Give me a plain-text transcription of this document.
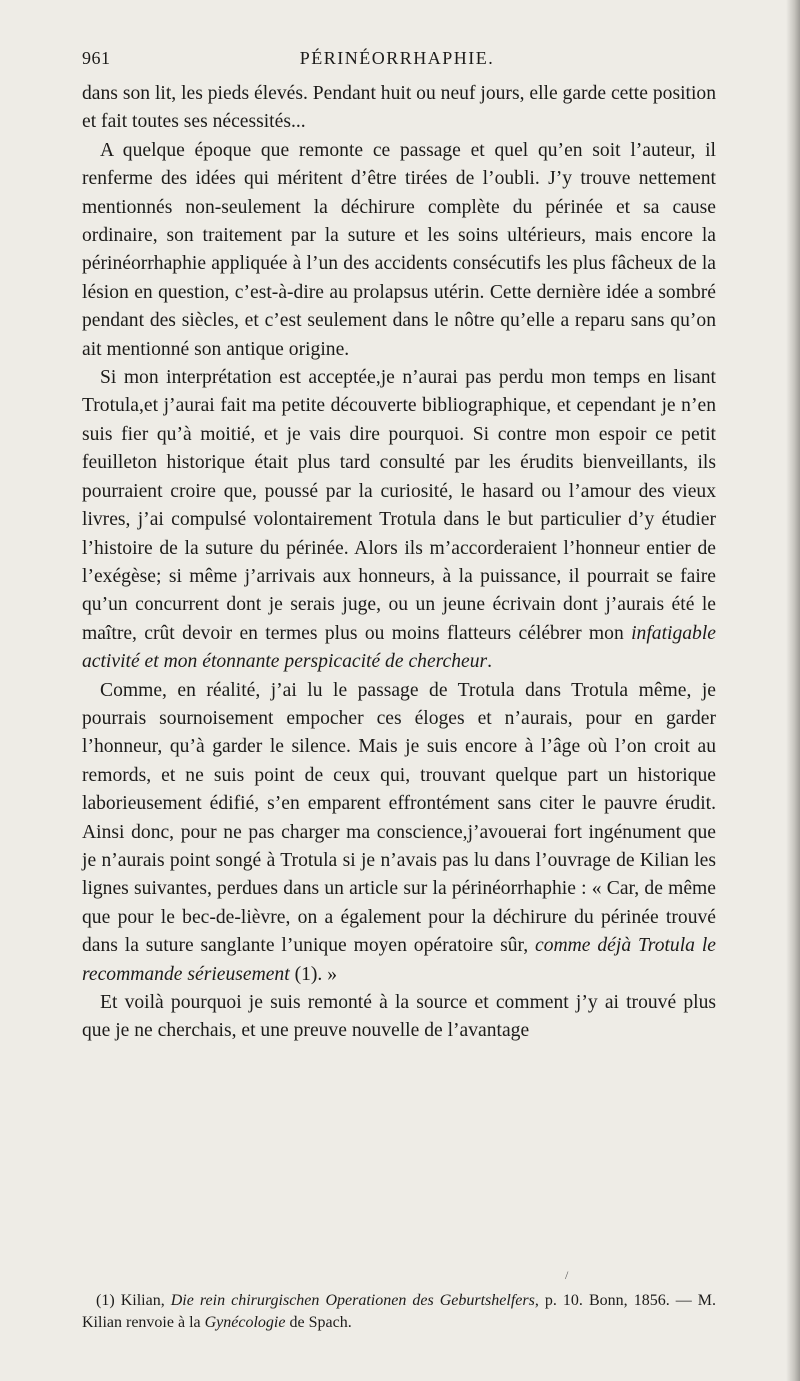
961	PÉRINÉORRHAPHIE.

dans son lit, les pieds élevés. Pendant huit ou neuf jours, elle garde cette position et fait toutes ses nécessités...

A quelque époque que remonte ce passage et quel qu’en soit l’auteur, il renferme des idées qui méritent d’être tirées de l’oubli. J’y trouve nettement mentionnés non-seulement la déchirure complète du périnée et sa cause ordinaire, son traitement par la suture et les soins ultérieurs, mais encore la périnéorrhaphie appliquée à l’un des accidents consécutifs les plus fâcheux de la lésion en question, c’est-à-dire au prolapsus utérin. Cette dernière idée a sombré pendant des siècles, et c’est seulement dans le nôtre qu’elle a reparu sans qu’on ait mentionné son antique origine.

Si mon interprétation est acceptée,je n’aurai pas perdu mon temps en lisant Trotula,et j’aurai fait ma petite découverte bibliographique, et cependant je n’en suis fier qu’à moitié, et je vais dire pourquoi. Si contre mon espoir ce petit feuilleton historique était plus tard consulté par les érudits bienveillants, ils pourraient croire que, poussé par la curiosité, le hasard ou l’amour des vieux livres, j’ai compulsé volontairement Trotula dans le but particulier d’y étudier l’histoire de la suture du périnée. Alors ils m’accorderaient l’honneur entier de l’exégèse; si même j’arrivais aux honneurs, à la puissance, il pourrait se faire qu’un concurrent dont je serais juge, ou un jeune écrivain dont j’aurais été le maître, crût devoir en termes plus ou moins flatteurs célébrer mon infatigable activité et mon étonnante perspicacité de chercheur.

Comme, en réalité, j’ai lu le passage de Trotula dans Trotula même, je pourrais sournoisement empocher ces éloges et n’aurais, pour en garder l’honneur, qu’à garder le silence. Mais je suis encore à l’âge où l’on croit au remords, et ne suis point de ceux qui, trouvant quelque part un historique laborieusement édifié, s’en emparent effrontément sans citer le pauvre érudit. Ainsi donc, pour ne pas charger ma conscience,j’avouerai fort ingénument que je n’aurais point songé à Trotula si je n’avais pas lu dans l’ouvrage de Kilian les lignes suivantes, perdues dans un article sur la périnéorrhaphie : « Car, de même que pour le bec-de-lièvre, on a également pour la déchirure du périnée trouvé dans la suture sanglante l’unique moyen opératoire sûr, comme déjà Trotula le recommande sérieusement (1). »

Et voilà pourquoi je suis remonté à la source et comment j’y ai trouvé plus que je ne cherchais, et une preuve nouvelle de l’avantage

/

(1) Kilian, Die rein chirurgischen Operationen des Geburtshelfers, p. 10. Bonn, 1856. — M. Kilian renvoie à la Gynécologie de Spach.
